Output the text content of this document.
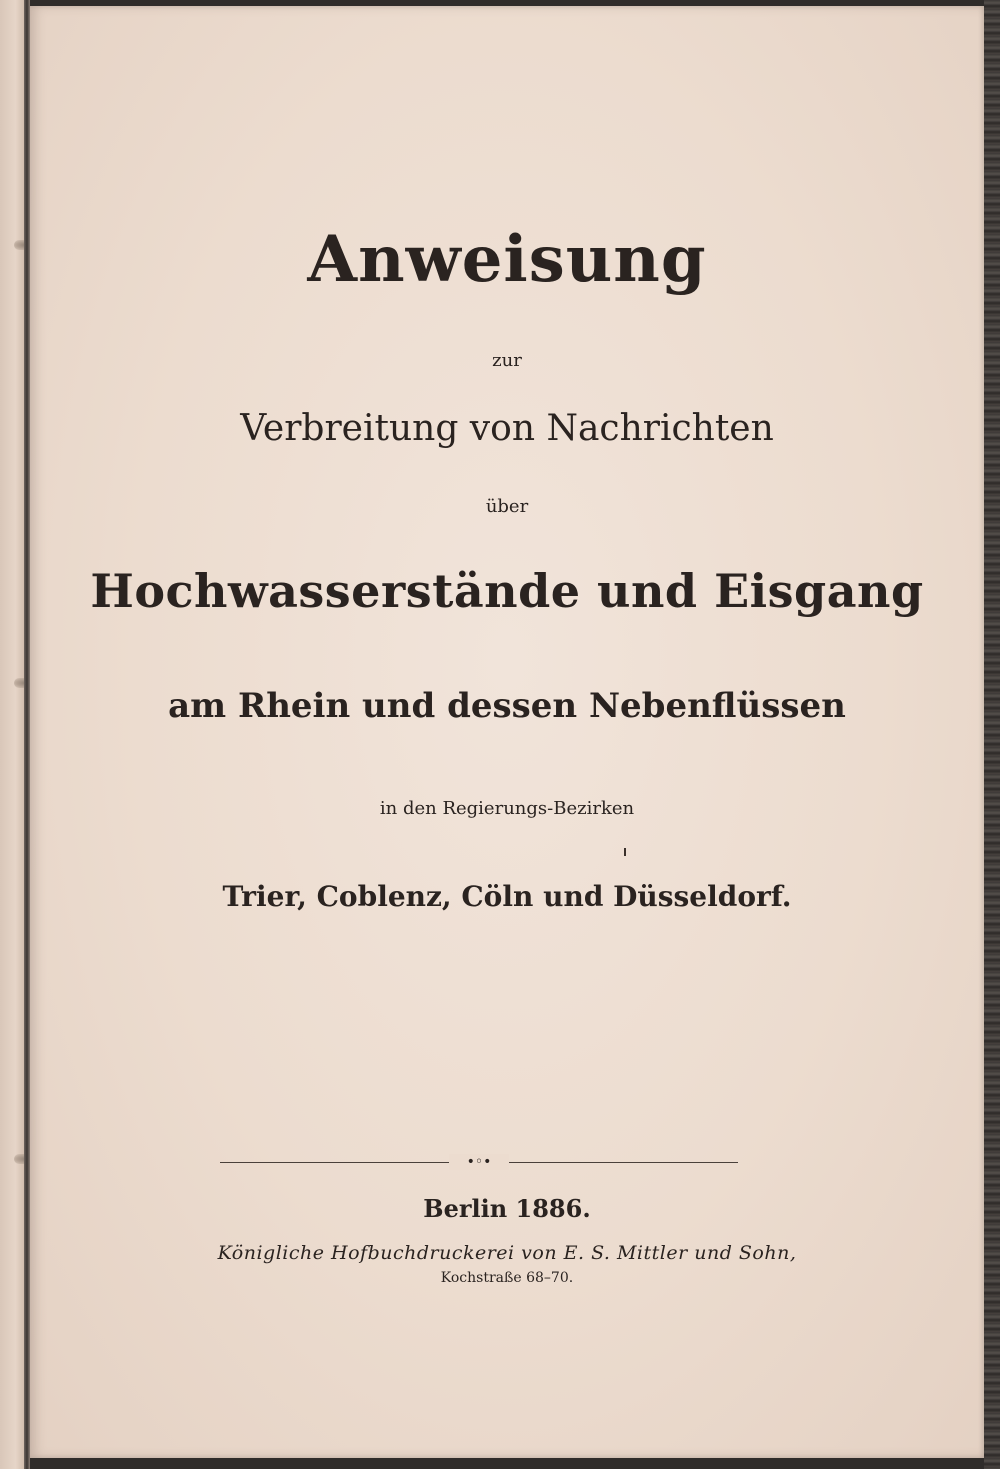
Anweisung
zur
Verbreitung von Nachrichten
über
Hochwasserstände und Eisgang
am Rhein und dessen Nebenflüssen
in den Regierungs-Bezirken
Trier, Coblenz, Cöln und Düsseldorf.
•◦•
Berlin 1886.
Königliche Hofbuchdruckerei von E. S. Mittler und Sohn,
Kochstraße 68–70.
